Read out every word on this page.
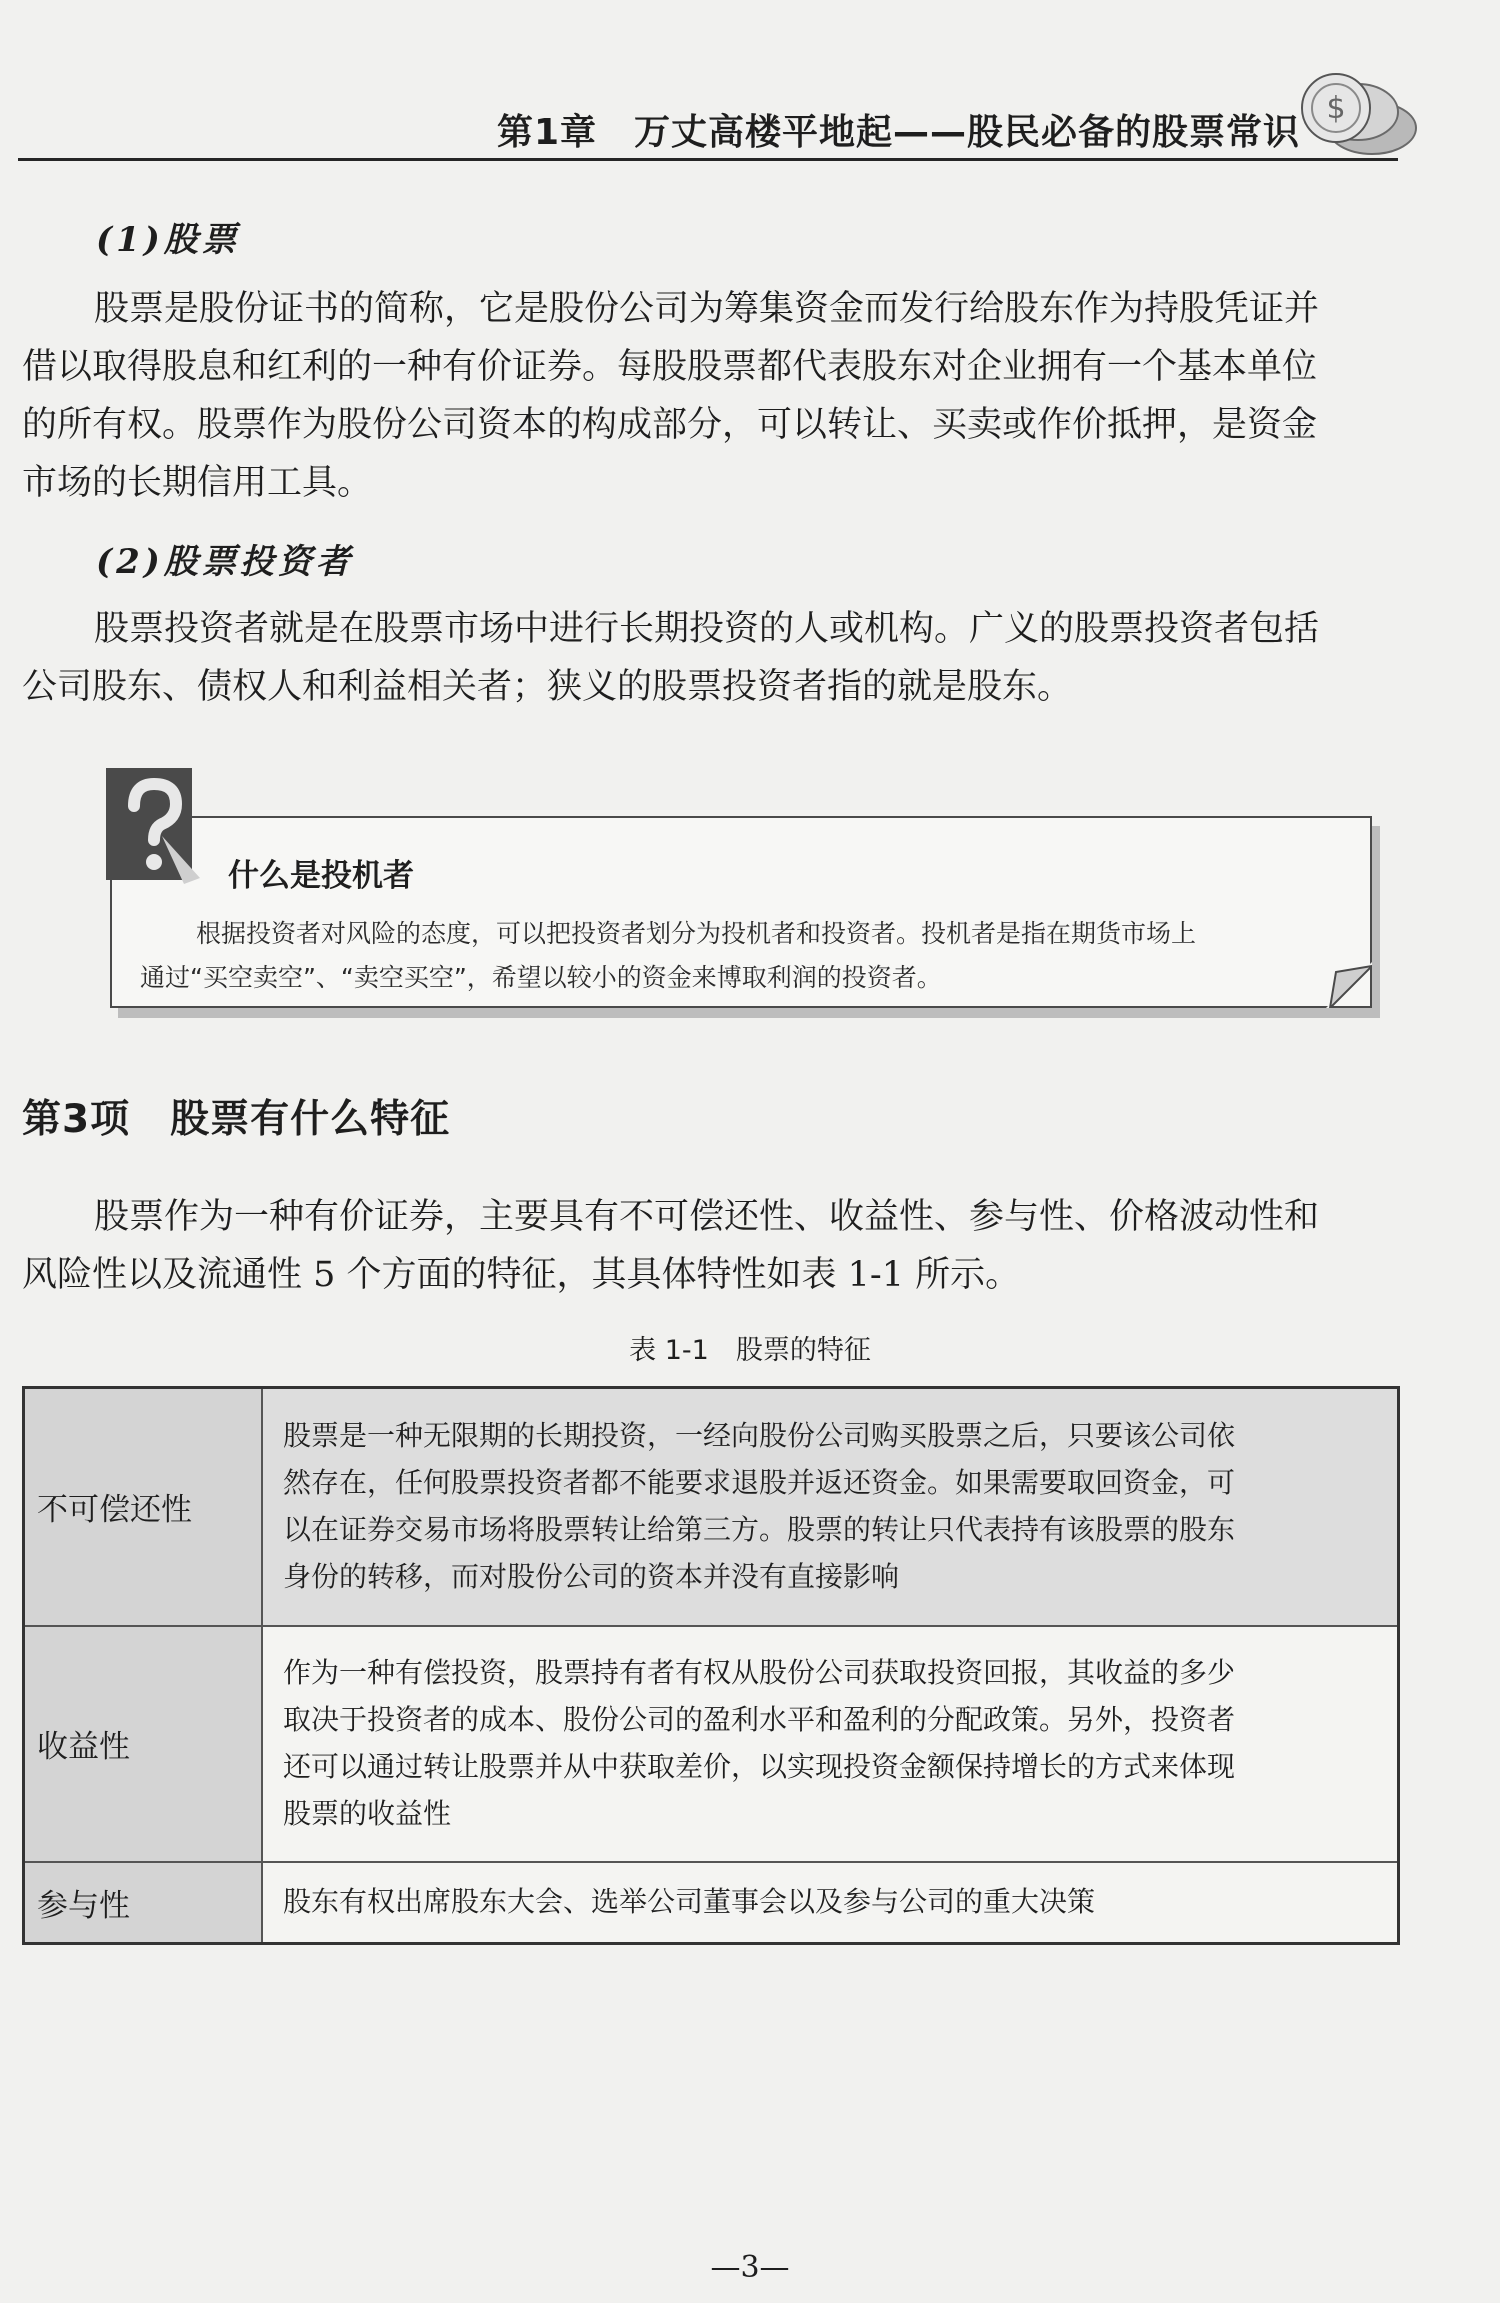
第1章　万丈高楼平地起——股民必备的股票常识
$
(1)股票
股票是股份证书的简称，它是股份公司为筹集资金而发行给股东作为持股凭证并
借以取得股息和红利的一种有价证券。每股股票都代表股东对企业拥有一个基本单位
的所有权。股票作为股份公司资本的构成部分，可以转让、买卖或作价抵押，是资金
市场的长期信用工具。
(2)股票投资者
股票投资者就是在股票市场中进行长期投资的人或机构。广义的股票投资者包括
公司股东、债权人和利益相关者；狭义的股票投资者指的就是股东。
什么是投机者
根据投资者对风险的态度，可以把投资者划分为投机者和投资者。投机者是指在期货市场上
通过“买空卖空”、“卖空买空”，希望以较小的资金来博取利润的投资者。
第3项　股票有什么特征
股票作为一种有价证券，主要具有不可偿还性、收益性、参与性、价格波动性和
风险性以及流通性 5 个方面的特征，其具体特性如表 1-1 所示。
表 1-1　股票的特征
不可偿还性	股票是一种无限期的长期投资，一经向股份公司购买股票之后，只要该公司依
然存在，任何股票投资者都不能要求退股并返还资金。如果需要取回资金，可
以在证券交易市场将股票转让给第三方。股票的转让只代表持有该股票的股东
身份的转移，而对股份公司的资本并没有直接影响

收益性	作为一种有偿投资，股票持有者有权从股份公司获取投资回报，其收益的多少
取决于投资者的成本、股份公司的盈利水平和盈利的分配政策。另外，投资者
还可以通过转让股票并从中获取差价，以实现投资金额保持增长的方式来体现
股票的收益性

参与性	股东有权出席股东大会、选举公司董事会以及参与公司的重大决策
—3—
